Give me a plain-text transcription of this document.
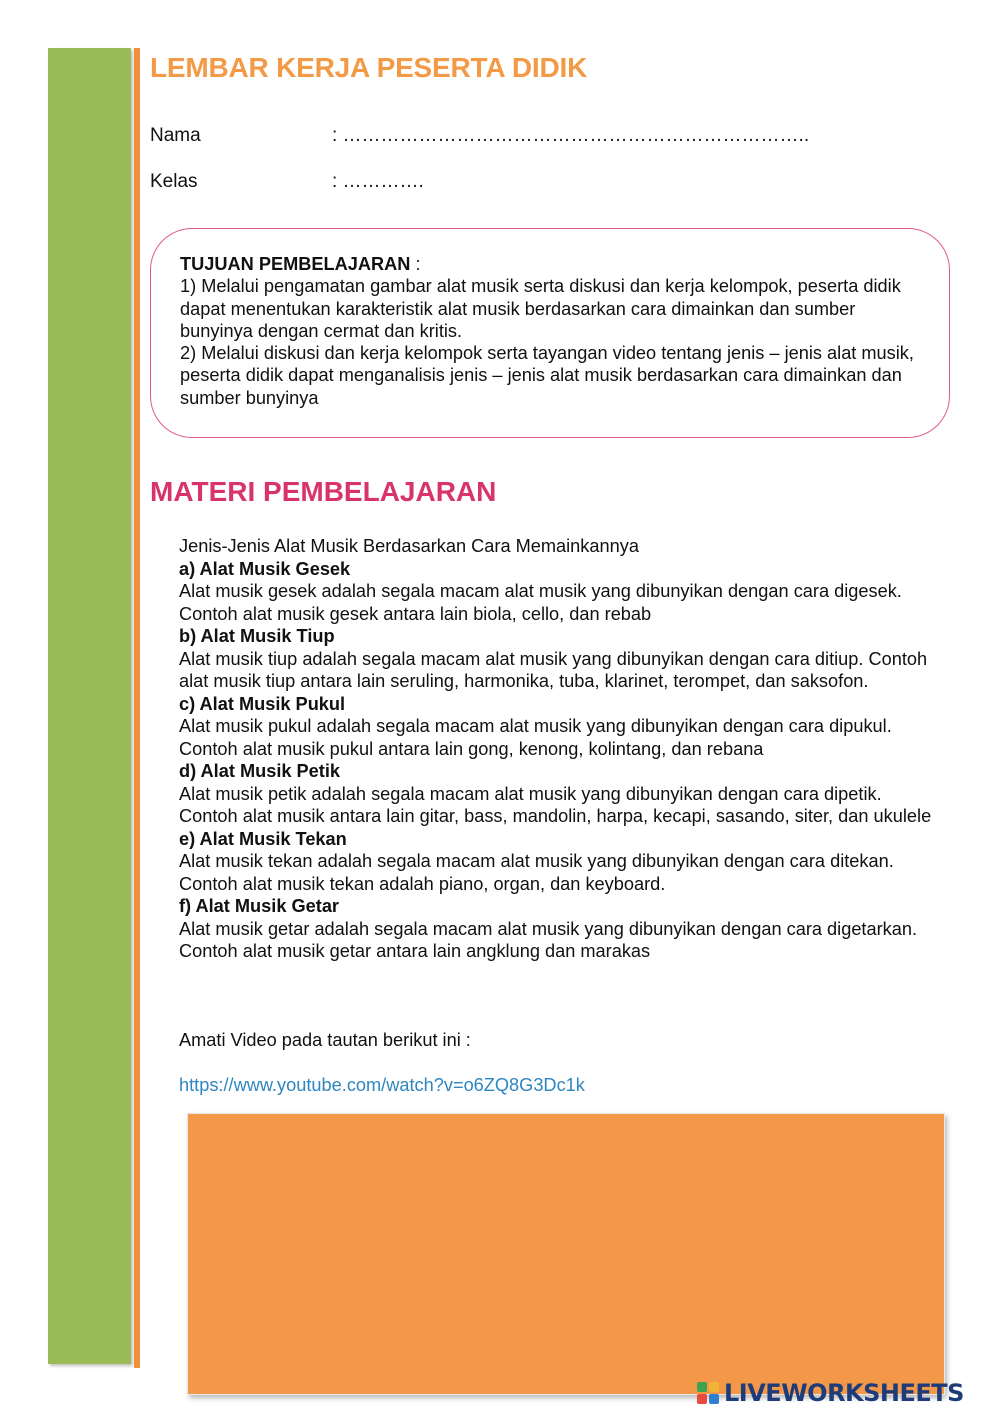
LEMBAR KERJA PESERTA DIDIK
Nama	: ………………………………………………………………..
Kelas	: ………….
TUJUAN PEMBELAJARAN :
1) Melalui pengamatan gambar alat musik serta diskusi dan kerja kelompok, peserta didik dapat menentukan karakteristik alat musik berdasarkan cara dimainkan dan sumber bunyinya dengan cermat dan kritis.
2) Melalui diskusi dan kerja kelompok serta tayangan video tentang jenis – jenis alat musik, peserta didik dapat menganalisis jenis – jenis alat musik berdasarkan cara dimainkan dan sumber bunyinya
MATERI PEMBELAJARAN

Jenis-Jenis Alat Musik Berdasarkan Cara Memainkannya

a) Alat Musik Gesek

Alat musik gesek adalah segala macam alat musik yang dibunyikan dengan cara digesek. Contoh alat musik gesek antara lain biola, cello, dan rebab

b) Alat Musik Tiup

Alat musik tiup adalah segala macam alat musik yang dibunyikan dengan cara ditiup. Contoh alat musik tiup antara lain seruling, harmonika, tuba, klarinet, terompet, dan saksofon.

c) Alat Musik Pukul

Alat musik pukul adalah segala macam alat musik yang dibunyikan dengan cara dipukul. Contoh alat musik pukul antara lain gong, kenong, kolintang, dan rebana

d) Alat Musik Petik

Alat musik petik adalah segala macam alat musik yang dibunyikan dengan cara dipetik. Contoh alat musik antara lain gitar, bass, mandolin, harpa, kecapi, sasando, siter, dan ukulele

e) Alat Musik Tekan

Alat musik tekan adalah segala macam alat musik yang dibunyikan dengan cara ditekan. Contoh alat musik tekan adalah piano, organ, dan keyboard.

f) Alat Musik Getar

Alat musik getar adalah segala macam alat musik yang dibunyikan dengan cara digetarkan. Contoh alat musik getar antara lain angklung dan marakas

Amati Video pada tautan berikut ini :
https://www.youtube.com/watch?v=o6ZQ8G3Dc1k
LIVEWORKSHEETS
